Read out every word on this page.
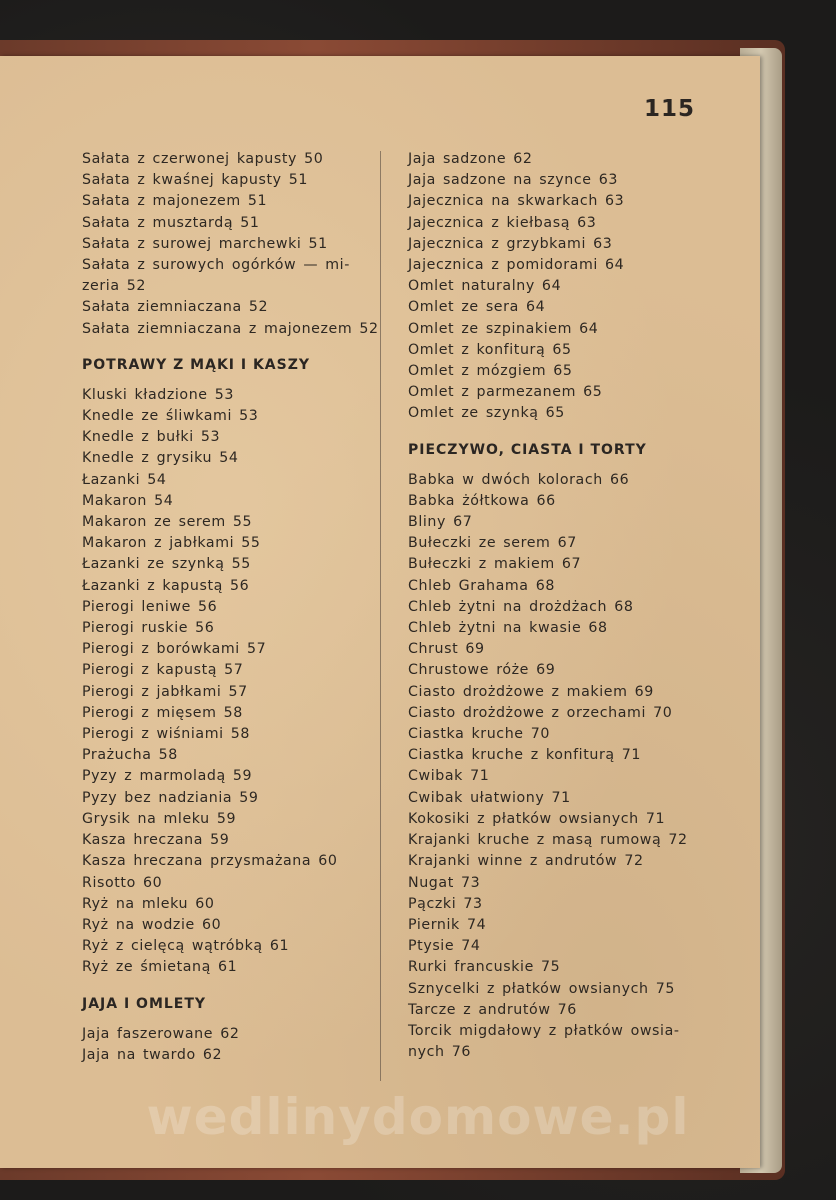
115
Sałata z czerwonej kapusty 50
Sałata z kwaśnej kapusty 51
Sałata z majonezem 51
Sałata z musztardą 51
Sałata z surowej marchewki 51
Sałata z surowych ogórków — mi-
zeria 52
Sałata ziemniaczana 52
Sałata ziemniaczana z majonezem 52
POTRAWY Z MĄKI I KASZY
Kluski kładzione 53
Knedle ze śliwkami 53
Knedle z bułki 53
Knedle z grysiku 54
Łazanki 54
Makaron 54
Makaron ze serem 55
Makaron z jabłkami 55
Łazanki ze szynką 55
Łazanki z kapustą 56
Pierogi leniwe 56
Pierogi ruskie 56
Pierogi z borówkami 57
Pierogi z kapustą 57
Pierogi z jabłkami 57
Pierogi z mięsem 58
Pierogi z wiśniami 58
Prażucha 58
Pyzy z marmoladą 59
Pyzy bez nadziania 59
Grysik na mleku 59
Kasza hreczana 59
Kasza hreczana przysmażana 60
Risotto 60
Ryż na mleku 60
Ryż na wodzie 60
Ryż z cielęcą wątróbką 61
Ryż ze śmietaną 61
JAJA I OMLETY
Jaja faszerowane 62
Jaja na twardo 62
Jaja sadzone 62
Jaja sadzone na szynce 63
Jajecznica na skwarkach 63
Jajecznica z kiełbasą 63
Jajecznica z grzybkami 63
Jajecznica z pomidorami 64
Omlet naturalny 64
Omlet ze sera 64
Omlet ze szpinakiem 64
Omlet z konfiturą 65
Omlet z mózgiem 65
Omlet z parmezanem 65
Omlet ze szynką 65
PIECZYWO, CIASTA I TORTY
Babka w dwóch kolorach 66
Babka żółtkowa 66
Bliny 67
Bułeczki ze serem 67
Bułeczki z makiem 67
Chleb Grahama 68
Chleb żytni na drożdżach 68
Chleb żytni na kwasie 68
Chrust 69
Chrustowe róże 69
Ciasto drożdżowe z makiem 69
Ciasto drożdżowe z orzechami 70
Ciastka kruche 70
Ciastka kruche z konfiturą 71
Cwibak 71
Cwibak ułatwiony 71
Kokosiki z płatków owsianych 71
Krajanki kruche z masą rumową 72
Krajanki winne z andrutów 72
Nugat 73
Pączki 73
Piernik 74
Ptysie 74
Rurki francuskie 75
Sznycelki z płatków owsianych 75
Tarcze z andrutów 76
Torcik migdałowy z płatków owsia-
nych 76
wedlinydomowe.pl
